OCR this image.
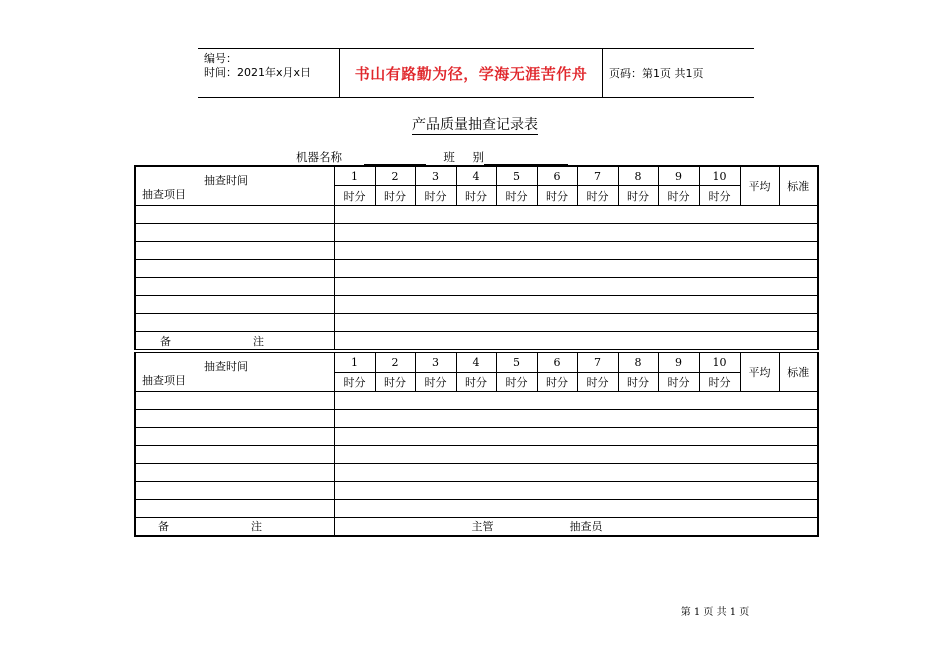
编号：
时间：2021年x月x日	书山有路勤为径，学海无涯苦作舟 页码：第1页 共1页
产品质量抽查记录表
机器名称	班 别
抽查时间
抽查项目	1	2	3	4	5	6	7	8	9	10	平均	标准
	时分	时分	时分	时分	时分	时分	时分	时分	时分	时分		

备 注												
抽查时间
抽查项目	1	2	3	4	5	6	7	8	9	10	平均	标准
	时分	时分	时分	时分	时分	时分	时分	时分	时分	时分		

备 注	主管 抽查员											
第 1 页 共 1 页
